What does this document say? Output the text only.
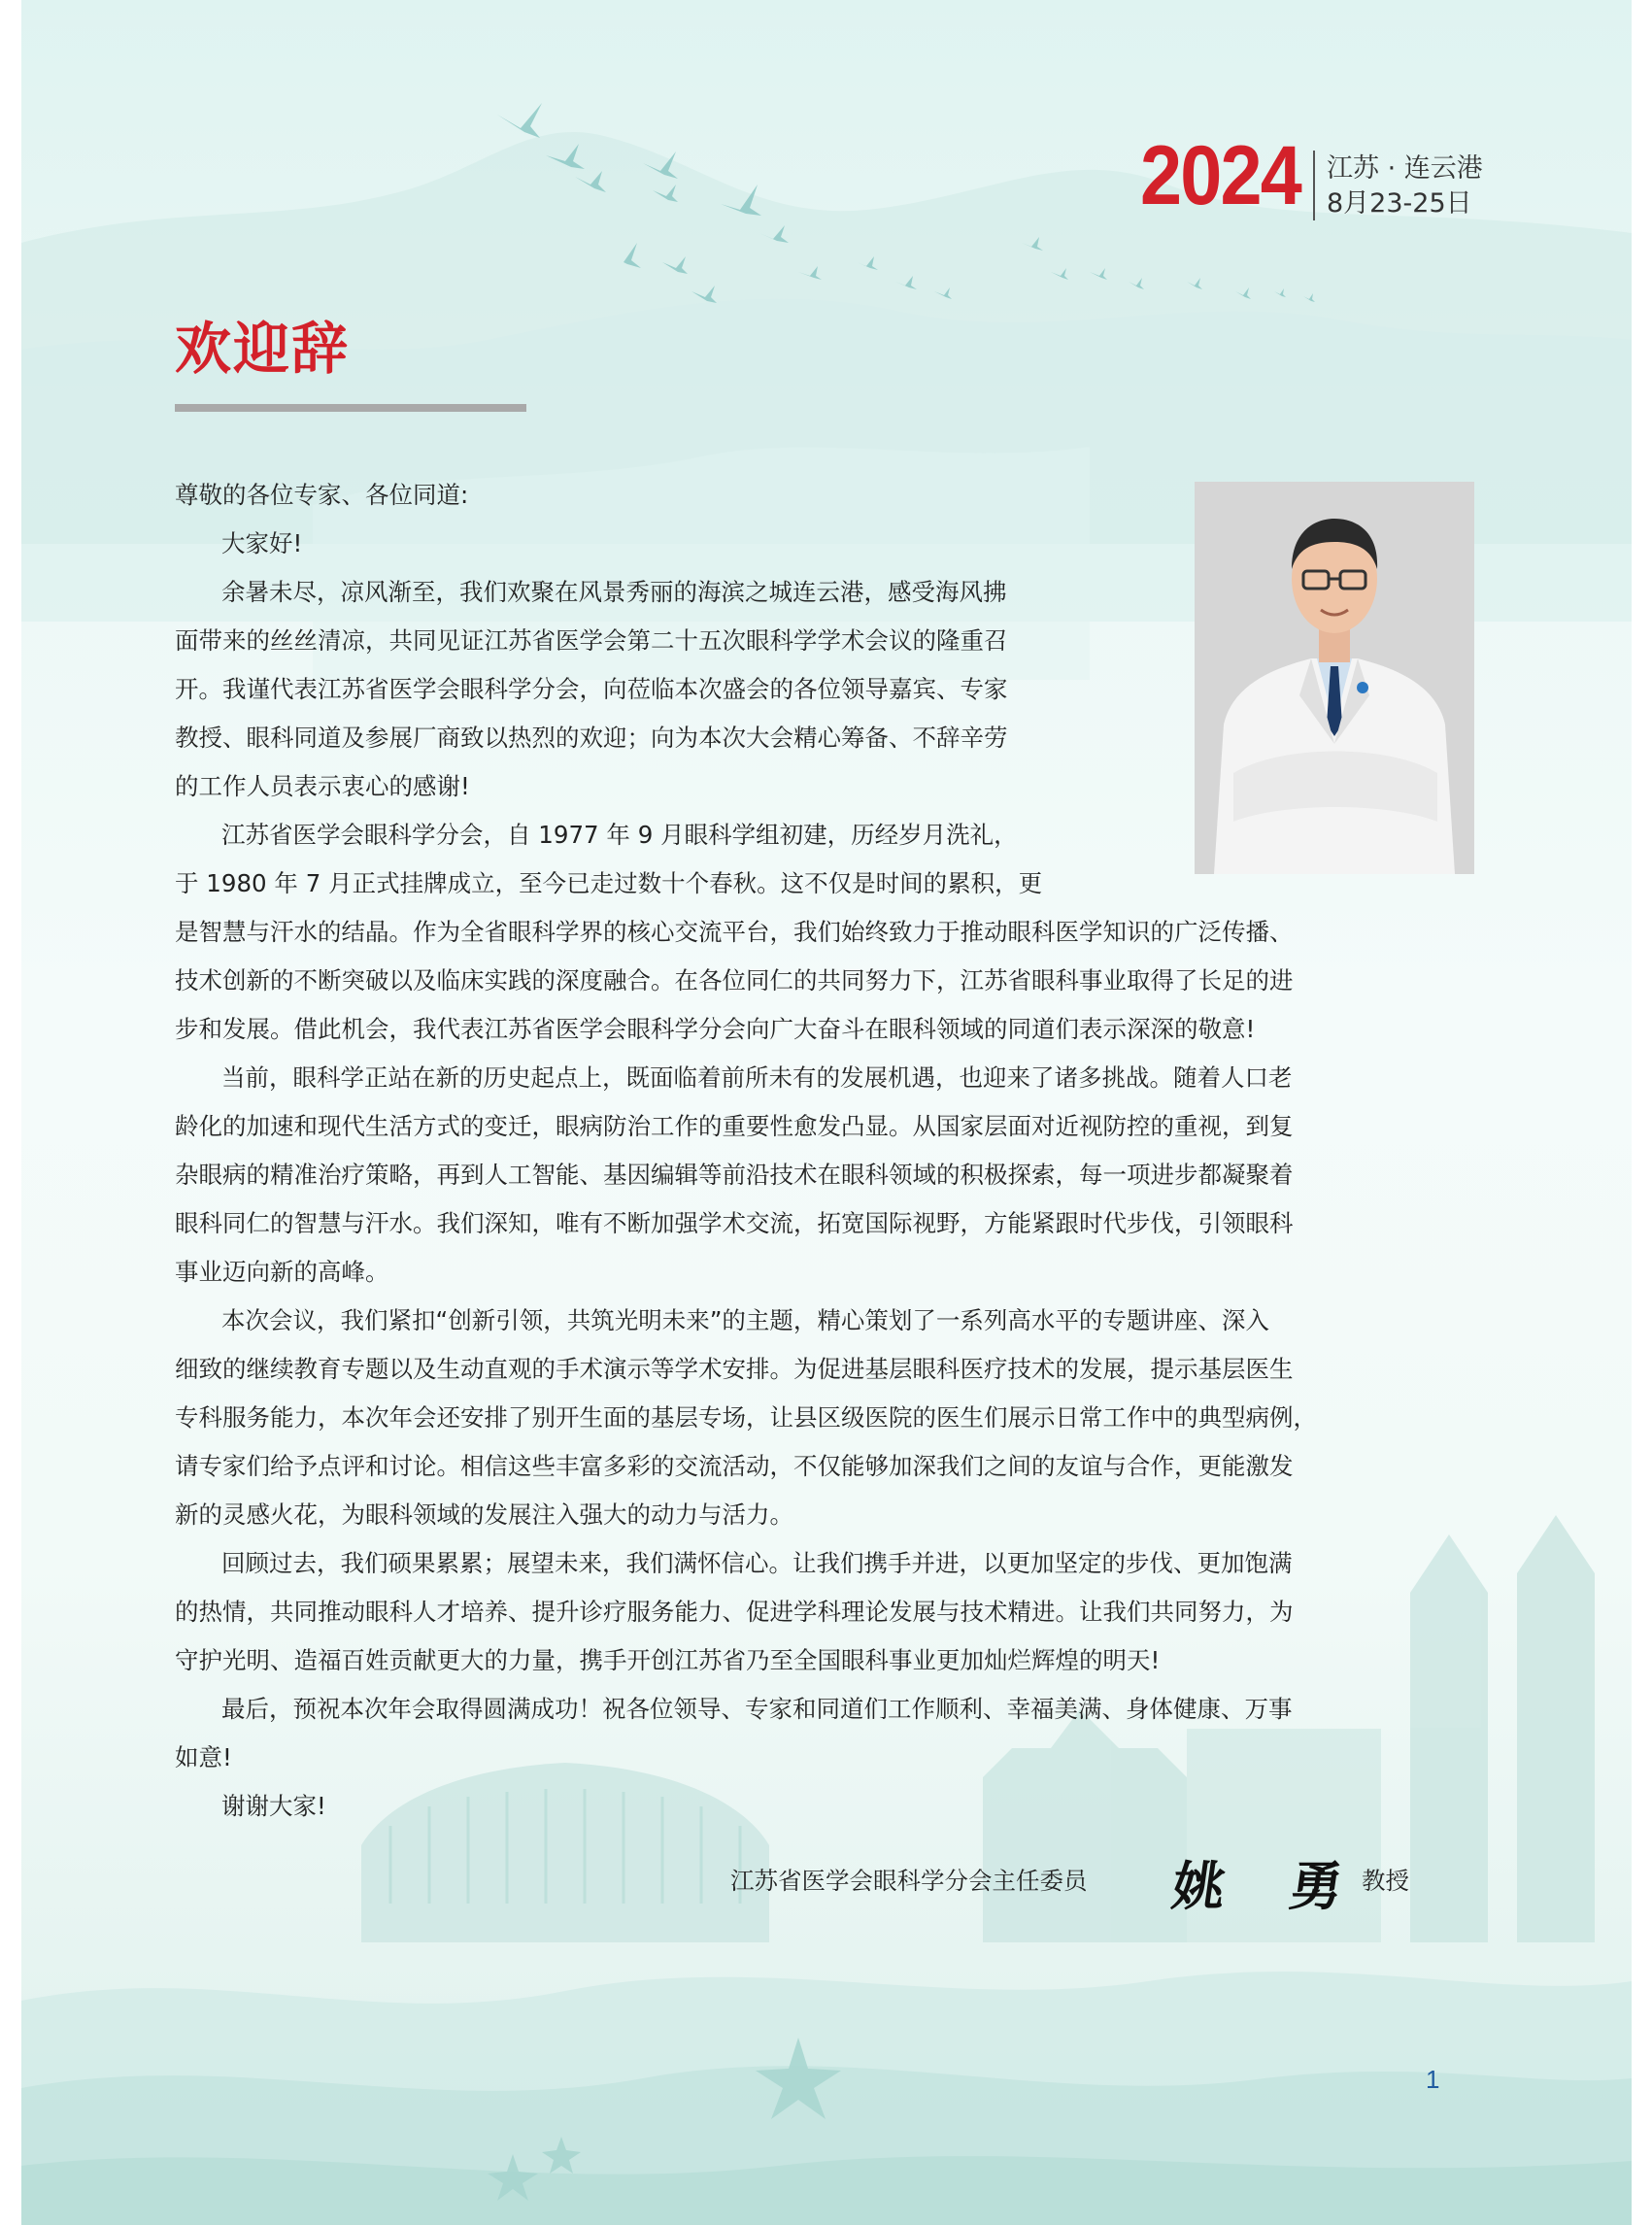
2024 江苏 · 连云港
8月23-25日
欢迎辞
尊敬的各位专家、各位同道:
大家好!
余暑未尽，凉风渐至，我们欢聚在风景秀丽的海滨之城连云港，感受海风拂
面带来的丝丝清凉，共同见证江苏省医学会第二十五次眼科学学术会议的隆重召
开。我谨代表江苏省医学会眼科学分会，向莅临本次盛会的各位领导嘉宾、专家
教授、眼科同道及参展厂商致以热烈的欢迎；向为本次大会精心筹备、不辞辛劳
的工作人员表示衷心的感谢!
江苏省医学会眼科学分会，自 1977 年 9 月眼科学组初建，历经岁月洗礼，
于 1980 年 7 月正式挂牌成立，至今已走过数十个春秋。这不仅是时间的累积，更
是智慧与汗水的结晶。作为全省眼科学界的核心交流平台，我们始终致力于推动眼科医学知识的广泛传播、
技术创新的不断突破以及临床实践的深度融合。在各位同仁的共同努力下，江苏省眼科事业取得了长足的进
步和发展。借此机会，我代表江苏省医学会眼科学分会向广大奋斗在眼科领域的同道们表示深深的敬意!
当前，眼科学正站在新的历史起点上，既面临着前所未有的发展机遇，也迎来了诸多挑战。随着人口老
龄化的加速和现代生活方式的变迁，眼病防治工作的重要性愈发凸显。从国家层面对近视防控的重视，到复
杂眼病的精准治疗策略，再到人工智能、基因编辑等前沿技术在眼科领域的积极探索，每一项进步都凝聚着
眼科同仁的智慧与汗水。我们深知，唯有不断加强学术交流，拓宽国际视野，方能紧跟时代步伐，引领眼科
事业迈向新的高峰。
本次会议，我们紧扣“创新引领，共筑光明未来”的主题，精心策划了一系列高水平的专题讲座、深入
细致的继续教育专题以及生动直观的手术演示等学术安排。为促进基层眼科医疗技术的发展，提示基层医生
专科服务能力，本次年会还安排了别开生面的基层专场，让县区级医院的医生们展示日常工作中的典型病例，
请专家们给予点评和讨论。相信这些丰富多彩的交流活动，不仅能够加深我们之间的友谊与合作，更能激发
新的灵感火花，为眼科领域的发展注入强大的动力与活力。
回顾过去，我们硕果累累；展望未来，我们满怀信心。让我们携手并进，以更加坚定的步伐、更加饱满
的热情，共同推动眼科人才培养、提升诊疗服务能力、促进学科理论发展与技术精进。让我们共同努力，为
守护光明、造福百姓贡献更大的力量，携手开创江苏省乃至全国眼科事业更加灿烂辉煌的明天!
最后，预祝本次年会取得圆满成功！祝各位领导、专家和同道们工作顺利、幸福美满、身体健康、万事
如意!
谢谢大家!
江苏省医学会眼科学分会主任委员 姚 勇
教授
1
